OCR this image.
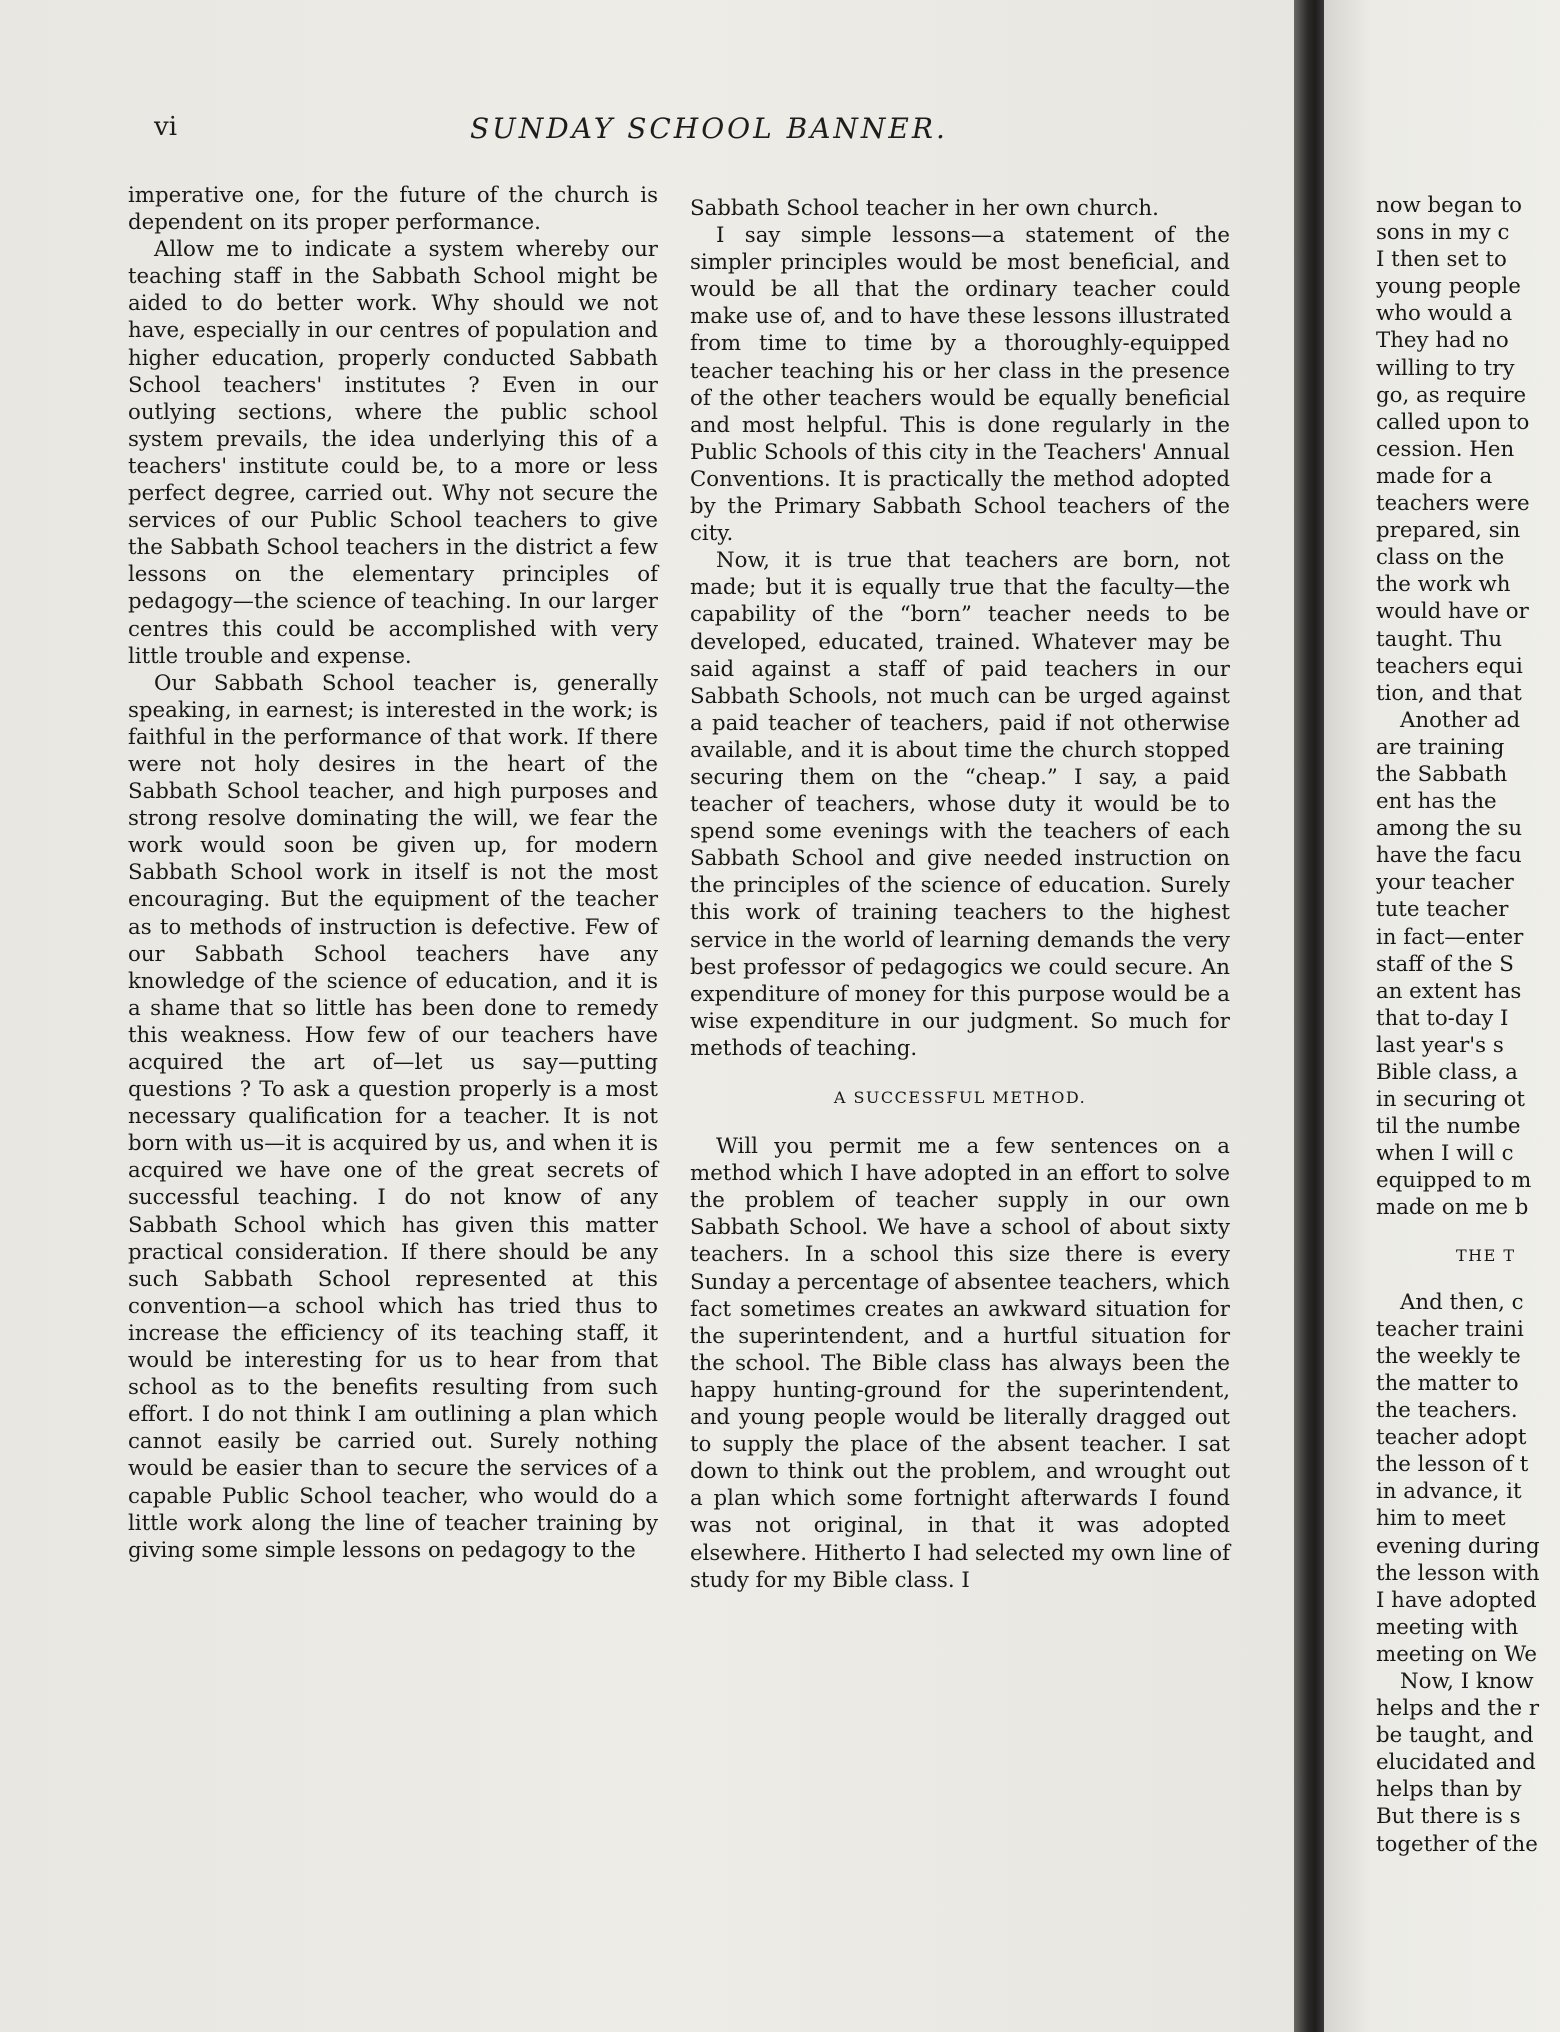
vi	SUNDAY SCHOOL BANNER.

imperative one, for the future of the church is dependent on its proper performance.

Allow me to indicate a system whereby our teaching staff in the Sabbath School might be aided to do better work. Why should we not have, especially in our centres of population and higher education, properly conducted Sabbath School teachers' institutes ? Even in our outlying sections, where the public school system prevails, the idea underlying this of a teachers' institute could be, to a more or less perfect degree, carried out. Why not secure the services of our Public School teachers to give the Sabbath School teachers in the district a few lessons on the elementary principles of pedagogy—the science of teaching. In our larger centres this could be accomplished with very little trouble and expense.

Our Sabbath School teacher is, generally speaking, in earnest; is interested in the work; is faithful in the performance of that work. If there were not holy desires in the heart of the Sabbath School teacher, and high purposes and strong resolve dominating the will, we fear the work would soon be given up, for modern Sabbath School work in itself is not the most encouraging. But the equipment of the teacher as to methods of instruction is defective. Few of our Sabbath School teachers have any knowledge of the science of education, and it is a shame that so little has been done to remedy this weakness. How few of our teachers have acquired the art of—let us say—putting questions ? To ask a question properly is a most necessary qualification for a teacher. It is not born with us—it is acquired by us, and when it is acquired we have one of the great secrets of successful teaching. I do not know of any Sabbath School which has given this matter practical consideration. If there should be any such Sabbath School represented at this convention—a school which has tried thus to increase the efficiency of its teaching staff, it would be interesting for us to hear from that school as to the benefits resulting from such effort. I do not think I am outlining a plan which cannot easily be carried out. Surely nothing would be easier than to secure the services of a capable Public School teacher, who would do a little work along the line of teacher training by giving some simple lessons on pedagogy to the

Sabbath School teacher in her own church.

I say simple lessons—a statement of the simpler principles would be most beneficial, and would be all that the ordinary teacher could make use of, and to have these lessons illustrated from time to time by a thoroughly-equipped teacher teaching his or her class in the presence of the other teachers would be equally beneficial and most helpful. This is done regularly in the Public Schools of this city in the Teachers' Annual Conventions. It is practically the method adopted by the Primary Sabbath School teachers of the city.

Now, it is true that teachers are born, not made; but it is equally true that the faculty—the capability of the “born” teacher needs to be developed, educated, trained. Whatever may be said against a staff of paid teachers in our Sabbath Schools, not much can be urged against a paid teacher of teachers, paid if not otherwise available, and it is about time the church stopped securing them on the “cheap.” I say, a paid teacher of teachers, whose duty it would be to spend some evenings with the teachers of each Sabbath School and give needed instruction on the principles of the science of education. Surely this work of training teachers to the highest service in the world of learning demands the very best professor of pedagogics we could secure. An expenditure of money for this purpose would be a wise expenditure in our judgment. So much for methods of teaching.

A SUCCESSFUL METHOD.

Will you permit me a few sentences on a method which I have adopted in an effort to solve the problem of teacher supply in our own Sabbath School. We have a school of about sixty teachers. In a school this size there is every Sunday a percentage of absentee teachers, which fact sometimes creates an awkward situation for the superintendent, and a hurtful situation for the school. The Bible class has always been the happy hunting-ground for the superintendent, and young people would be literally dragged out to supply the place of the absent teacher. I sat down to think out the problem, and wrought out a plan which some fortnight afterwards I found was not original, in that it was adopted elsewhere. Hitherto I had selected my own line of study for my Bible class. I

now began to
sons in my c
I then set to
young people
who would a
They had no
willing to try
go, as require
called upon to
cession. Hen
made for a
teachers were
prepared, sin
class on the
the work wh
would have or
taught. Thu
teachers equi
tion, and that
Another ad
are training
the Sabbath
ent has the
among the su
have the facu
your teacher
tute teacher
in fact—enter
staff of the S
an extent has
that to-day I
last year's s
Bible class, a
in securing ot
til the numbe
when I will c
equipped to m
made on me b
THE T
And then, c
teacher traini
the weekly te
the matter to
the teachers.
teacher adopt
the lesson of t
in advance, it
him to meet
evening during
the lesson with
I have adopted
meeting with
meeting on We
Now, I know
helps and the r
be taught, and
elucidated and
helps than by
But there is s
together of the
